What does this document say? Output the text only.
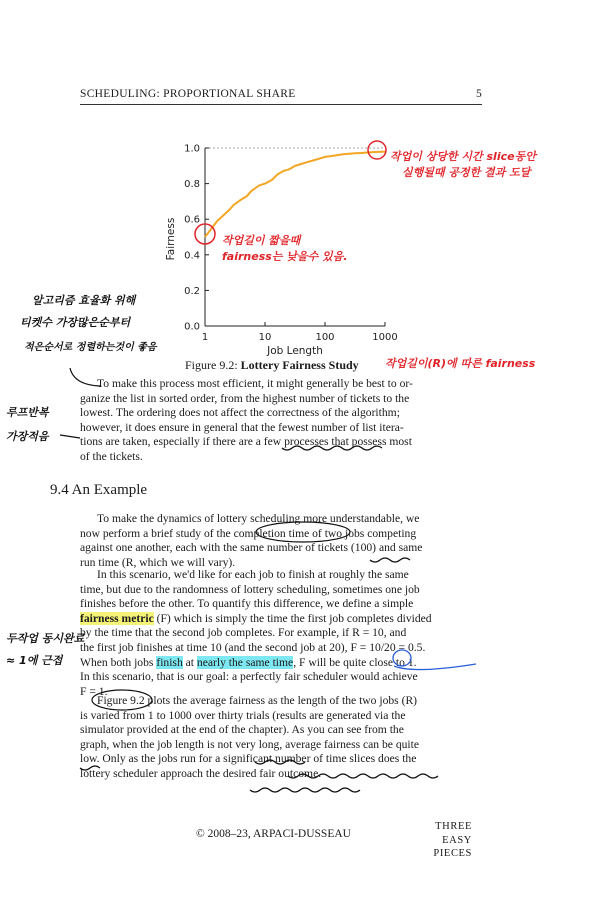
SCHEDULING: PROPORTIONAL SHARE	5
0.0
0.2
0.4
0.6
0.8
1.0
1	10	100	1000
Job Length
Fairness
Figure 9.2: Lottery Fairness Study
To make this process most efficient, it might generally be best to or-
ganize the list in sorted order, from the highest number of tickets to the
lowest. The ordering does not affect the correctness of the algorithm;
however, it does ensure in general that the fewest number of list itera-
tions are taken, especially if there are a few processes that possess most
of the tickets.
9.4 An Example
To make the dynamics of lottery scheduling more understandable, we
now perform a brief study of the completion time of two jobs competing
against one another, each with the same number of tickets (100) and same
run time (R, which we will vary).
In this scenario, we'd like for each job to finish at roughly the same
time, but due to the randomness of lottery scheduling, sometimes one job
finishes before the other. To quantify this difference, we define a simple
fairness metric (F) which is simply the time the first job completes divided
by the time that the second job completes. For example, if R = 10, and
the first job finishes at time 10 (and the second job at 20), F = 10/20 = 0.5.
When both jobs finish at nearly the same time, F will be quite close to 1.
In this scenario, that is our goal: a perfectly fair scheduler would achieve
F = 1.
Figure 9.2 plots the average fairness as the length of the two jobs (R)
is varied from 1 to 1000 over thirty trials (results are generated via the
simulator provided at the end of the chapter). As you can see from the
graph, when the job length is not very long, average fairness can be quite
low. Only as the jobs run for a significant number of time slices does the
lottery scheduler approach the desired fair outcome.
© 2008–23, ARPACI-DUSSEAU
THREE
EASY
PIECES
작업이 상당한 시간 slice동안
실행될때 공정한 결과 도달
작업길이 짧을때
fairness는 낮을수 있음.
작업길이(R)에 따른 fairness
알고리즘 효율화 위해
티켓수 가장많은순부터
적은순서로 정렬하는것이 좋음
루프반복
가장적음
두작업 동시완료
≈ 1에 근접
